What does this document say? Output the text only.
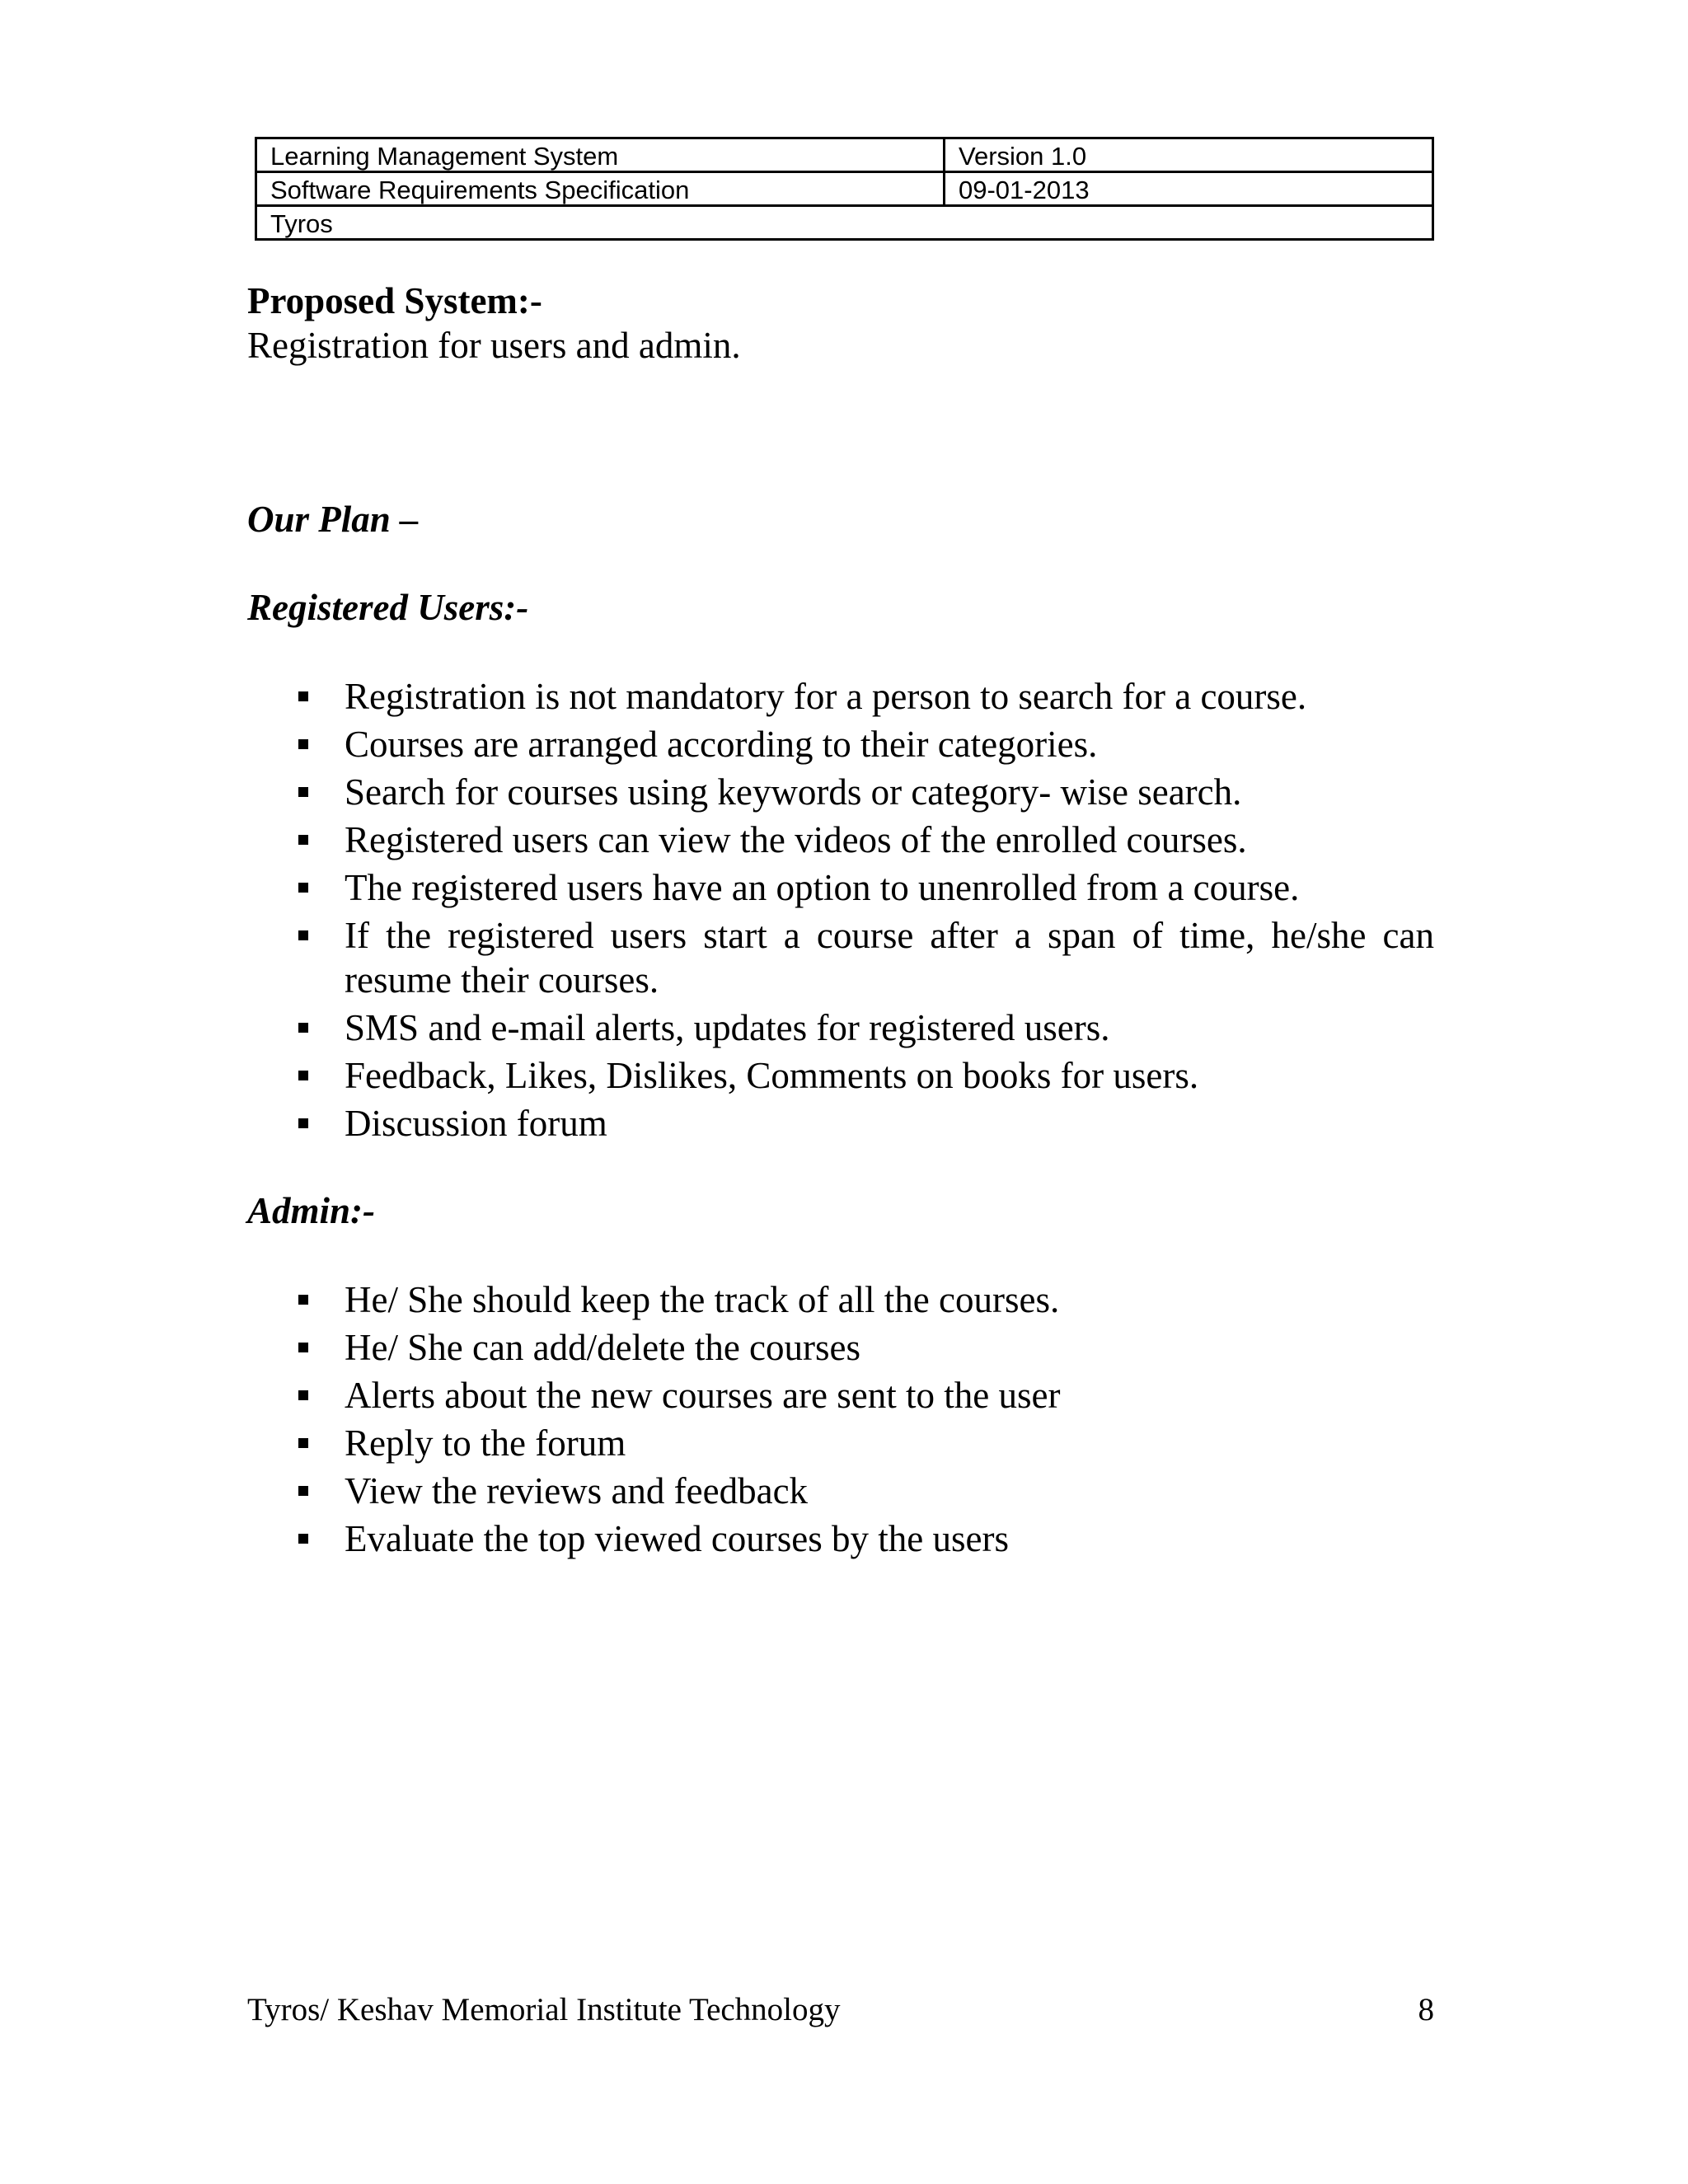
Learning Management System	Version 1.0
Software Requirements Specification	09-01-2013
Tyros	
Proposed System:-
Registration for users and admin.
Our Plan –
Registered Users:-
Registration is not mandatory for a person to search for a course.
Courses are arranged according to their categories.
Search for courses using keywords or category- wise search.
Registered users can view the videos of the enrolled courses.
The registered users have an option to unenrolled from a course.
If the registered users start a course after a span of time, he/she can resume their courses.
SMS and e-mail alerts, updates for registered users.
Feedback, Likes, Dislikes, Comments on books for users.
Discussion forum
Admin:-
He/ She should keep the track of all the courses.
He/ She can add/delete the courses
Alerts about the new courses are sent to the user
Reply to the forum
View the reviews and feedback
Evaluate the top viewed courses by the users
Tyros/ Keshav Memorial Institute Technology	8
